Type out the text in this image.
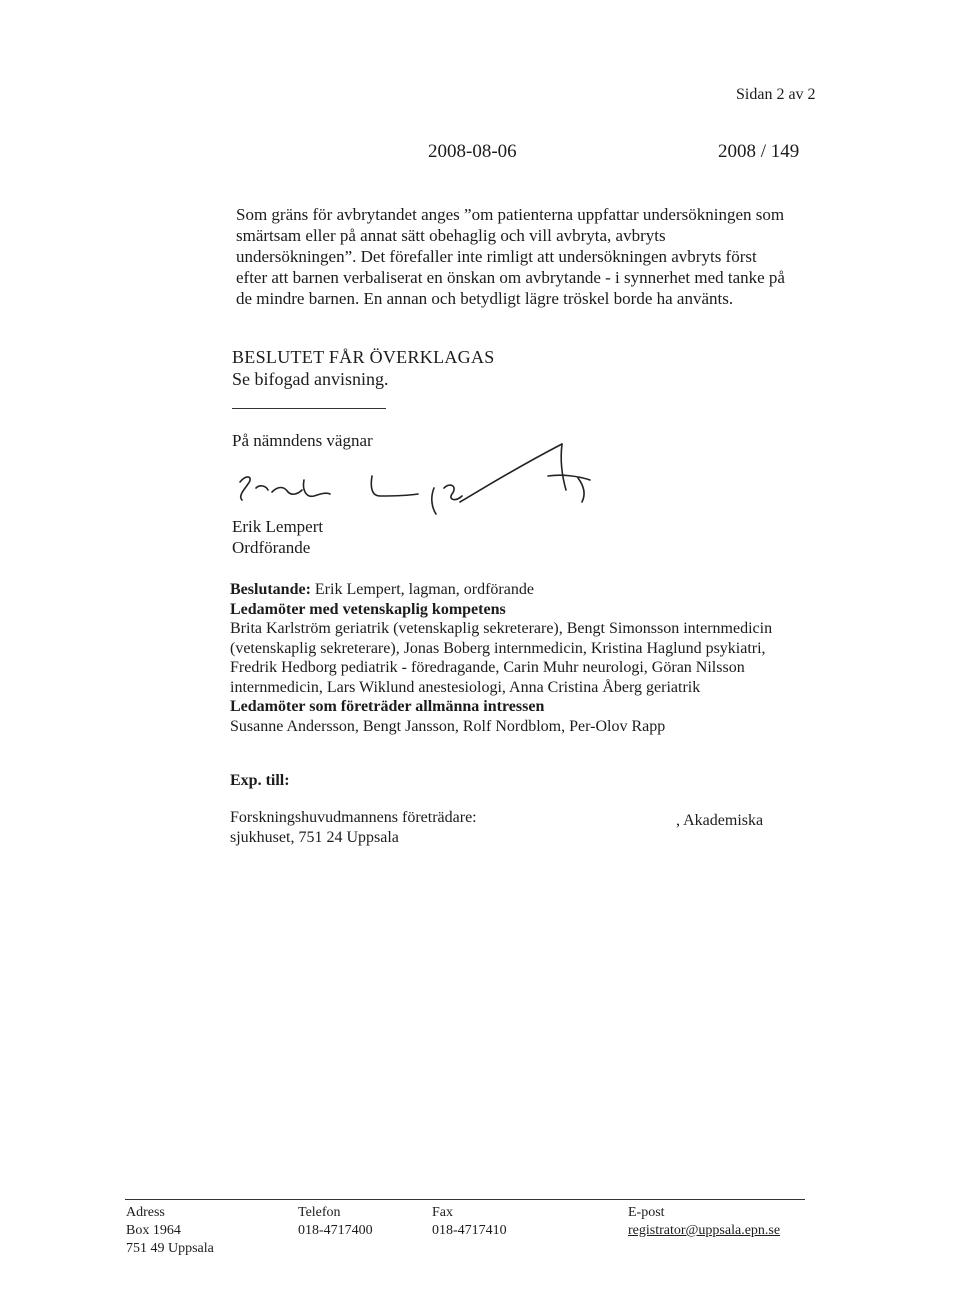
Sidan 2 av 2
2008-08-06	2008 / 149
Som gräns för avbrytandet anges ”om patienterna uppfattar undersökningen som
smärtsam eller på annat sätt obehaglig och vill avbryta, avbryts
undersökningen”. Det förefaller inte rimligt att undersökningen avbryts först
efter att barnen verbaliserat en önskan om avbrytande - i synnerhet med tanke på
de mindre barnen. En annan och betydligt lägre tröskel borde ha använts.
BESLUTET FÅR ÖVERKLAGAS
Se bifogad anvisning.
På nämndens vägnar
Erik Lempert
Ordförande
Beslutande: Erik Lempert, lagman, ordförande
Ledamöter med vetenskaplig kompetens
Brita Karlström geriatrik (vetenskaplig sekreterare), Bengt Simonsson internmedicin
(vetenskaplig sekreterare), Jonas Boberg internmedicin, Kristina Haglund psykiatri,
Fredrik Hedborg pediatrik - föredragande, Carin Muhr neurologi, Göran Nilsson
internmedicin, Lars Wiklund anestesiologi, Anna Cristina Åberg geriatrik
Ledamöter som företräder allmänna intressen
Susanne Andersson, Bengt Jansson, Rolf Nordblom, Per-Olov Rapp
Exp. till:
Forskningshuvudmannens företrädare:	, Akademiska
sjukhuset, 751 24 Uppsala
Adress
Box 1964
751 49 Uppsala
Telefon
018-4717400
Fax
018-4717410
E-post
registrator@uppsala.epn.se
